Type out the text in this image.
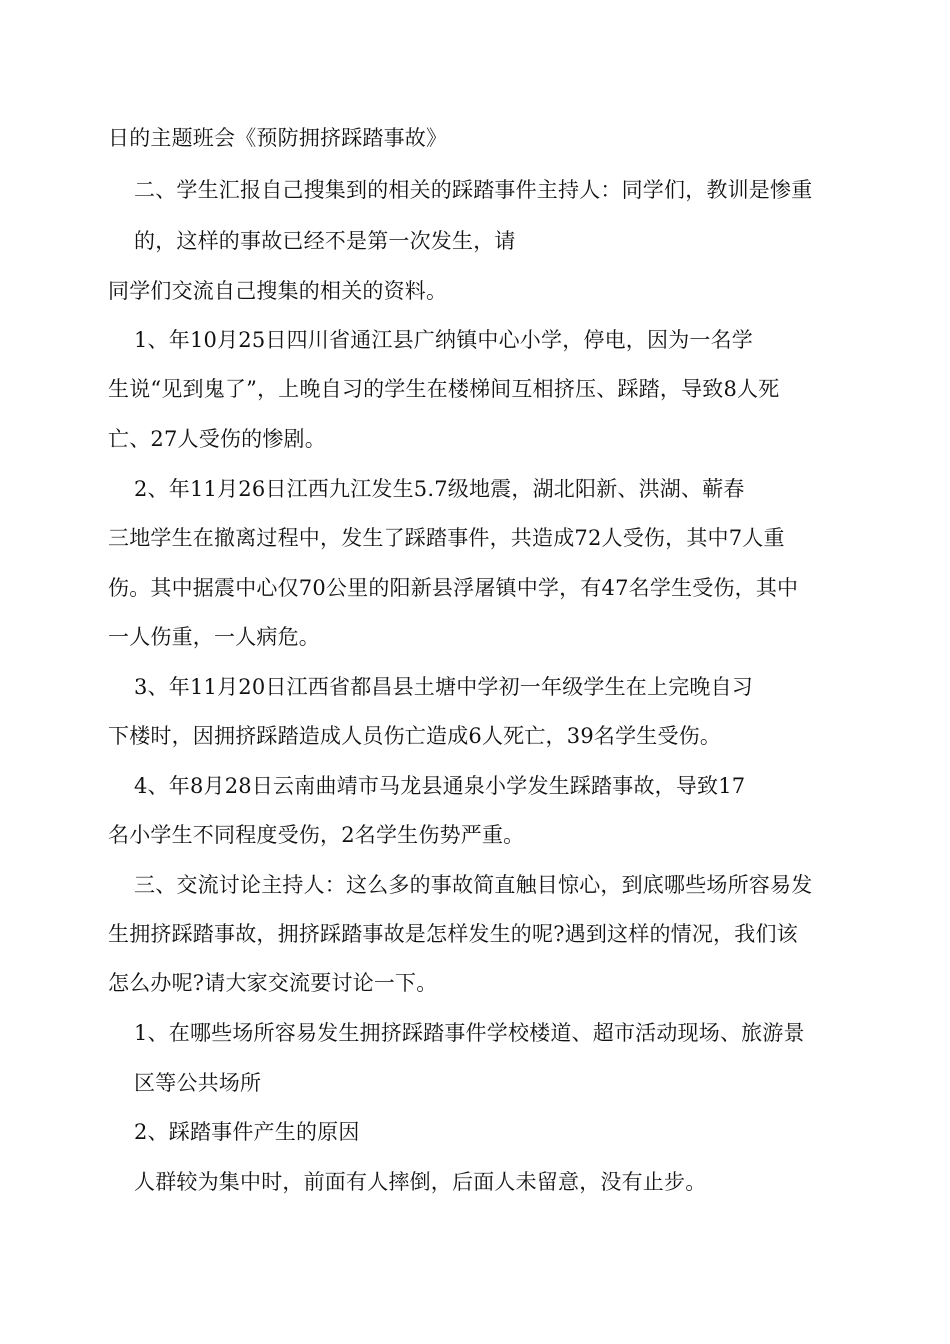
日的主题班会《预防拥挤踩踏事故》
二、学生汇报自己搜集到的相关的踩踏事件主持人：同学们，教训是惨重
的，这样的事故已经不是第一次发生，请
同学们交流自己搜集的相关的资料。
1、年10月25日四川省通江县广纳镇中心小学，停电，因为一名学
生说“见到鬼了”，上晚自习的学生在楼梯间互相挤压、踩踏，导致8人死
亡、27人受伤的惨剧。
2、年11月26日江西九江发生5.7级地震，湖北阳新、洪湖、蕲春
三地学生在撤离过程中，发生了踩踏事件，共造成72人受伤，其中7人重
伤。其中据震中心仅70公里的阳新县浮屠镇中学，有47名学生受伤，其中
一人伤重，一人病危。
3、年11月20日江西省都昌县土塘中学初一年级学生在上完晚自习
下楼时，因拥挤踩踏造成人员伤亡造成6人死亡，39名学生受伤。
4、年8月28日云南曲靖市马龙县通泉小学发生踩踏事故，导致17
名小学生不同程度受伤，2名学生伤势严重。
三、交流讨论主持人：这么多的事故简直触目惊心，到底哪些场所容易发
生拥挤踩踏事故，拥挤踩踏事故是怎样发生的呢?遇到这样的情况，我们该
怎么办呢?请大家交流要讨论一下。
1、在哪些场所容易发生拥挤踩踏事件学校楼道、超市活动现场、旅游景
区等公共场所
2、踩踏事件产生的原因
人群较为集中时，前面有人摔倒，后面人未留意，没有止步。
